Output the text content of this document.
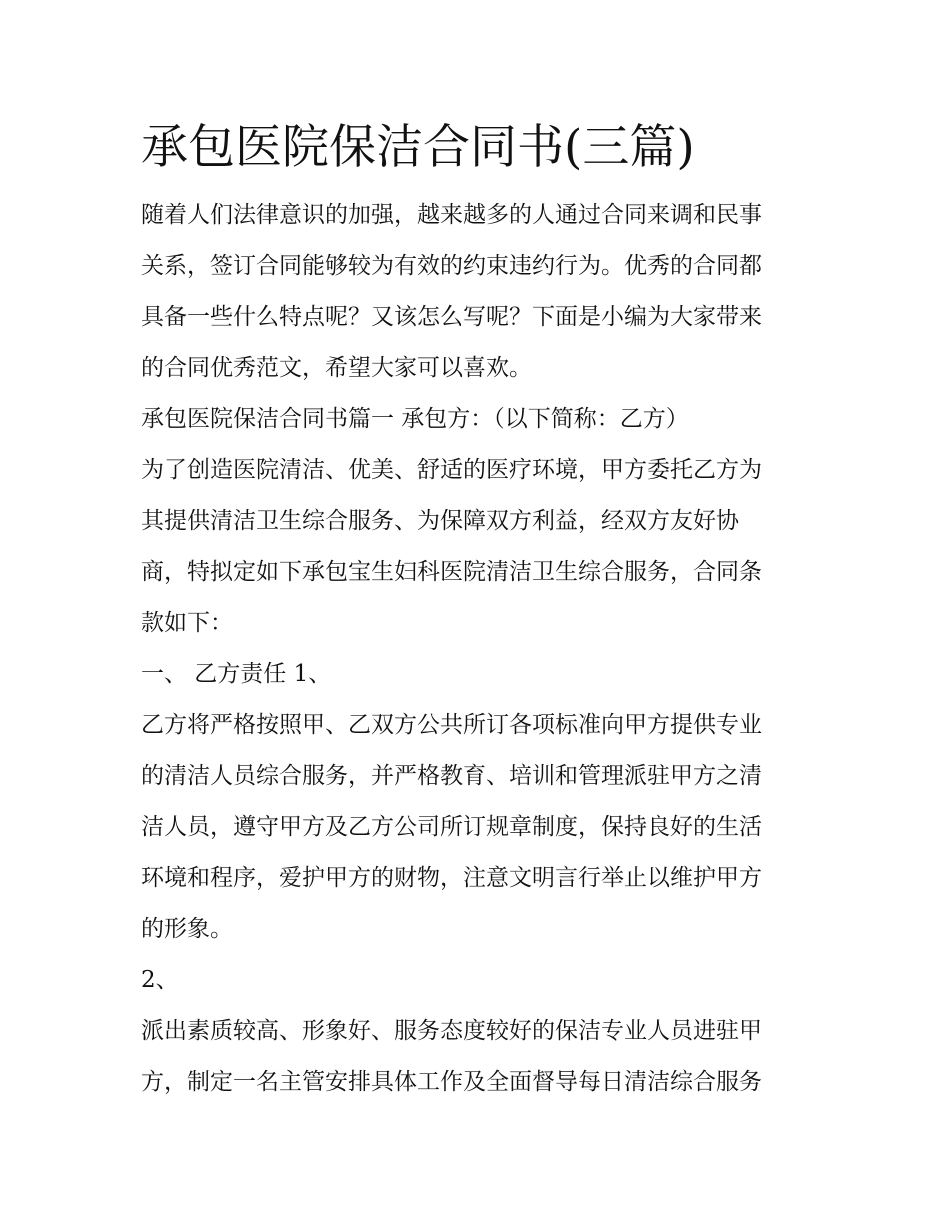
承包医院保洁合同书(三篇)

随着人们法律意识的加强，越来越多的人通过合同来调和民事

关系，签订合同能够较为有效的约束违约行为。优秀的合同都

具备一些什么特点呢？又该怎么写呢？下面是小编为大家带来

的合同优秀范文，希望大家可以喜欢。

承包医院保洁合同书篇一 承包方：（以下简称：乙方）

为了创造医院清洁、优美、舒适的医疗环境，甲方委托乙方为

其提供清洁卫生综合服务、为保障双方利益，经双方友好协

商，特拟定如下承包宝生妇科医院清洁卫生综合服务，合同条

款如下：

一、 乙方责任 1、

乙方将严格按照甲、乙双方公共所订各项标准向甲方提供专业

的清洁人员综合服务，并严格教育、培训和管理派驻甲方之清

洁人员，遵守甲方及乙方公司所订规章制度，保持良好的生活

环境和程序，爱护甲方的财物，注意文明言行举止以维护甲方

的形象。

2、

派出素质较高、形象好、服务态度较好的保洁专业人员进驻甲

方，制定一名主管安排具体工作及全面督导每日清洁综合服务
